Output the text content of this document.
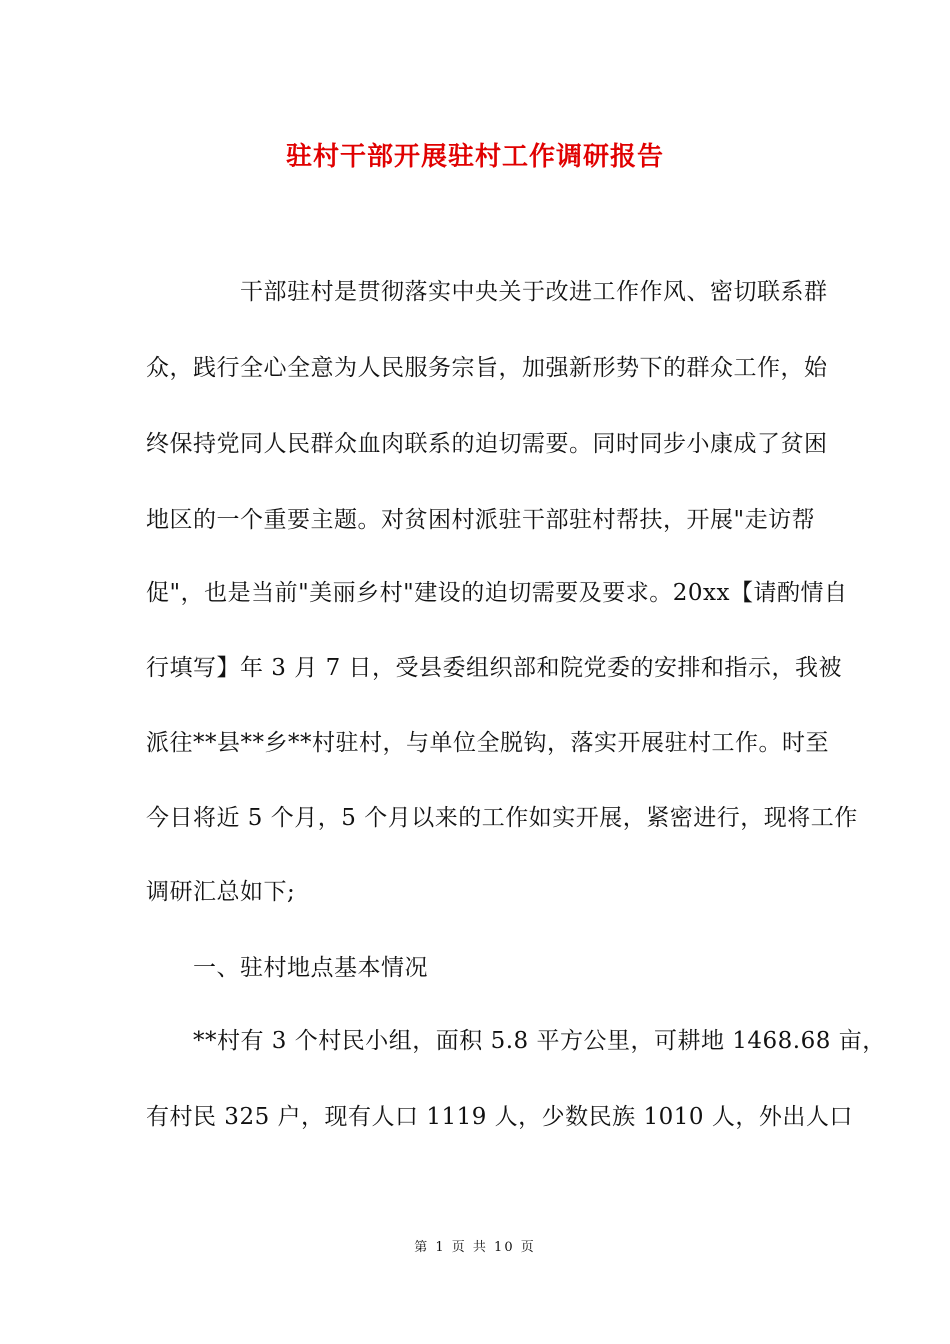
驻村干部开展驻村工作调研报告
　　　　干部驻村是贯彻落实中央关于改进工作作风、密切联系群
众，践行全心全意为人民服务宗旨，加强新形势下的群众工作，始
终保持党同人民群众血肉联系的迫切需要。同时同步小康成了贫困
地区的一个重要主题。对贫困村派驻干部驻村帮扶，开展"走访帮
促"，也是当前"美丽乡村"建设的迫切需要及要求。20xx【请酌情自
行填写】年 3 月 7 日，受县委组织部和院党委的安排和指示，我被
派往**县**乡**村驻村，与单位全脱钩，落实开展驻村工作。时至
今日将近 5 个月，5 个月以来的工作如实开展，紧密进行，现将工作
调研汇总如下;
　　一、驻村地点基本情况
　　**村有 3 个村民小组，面积 5.8 平方公里，可耕地 1468.68 亩，
有村民 325 户，现有人口 1119 人，少数民族 1010 人，外出人口
第 1 页 共 10 页
